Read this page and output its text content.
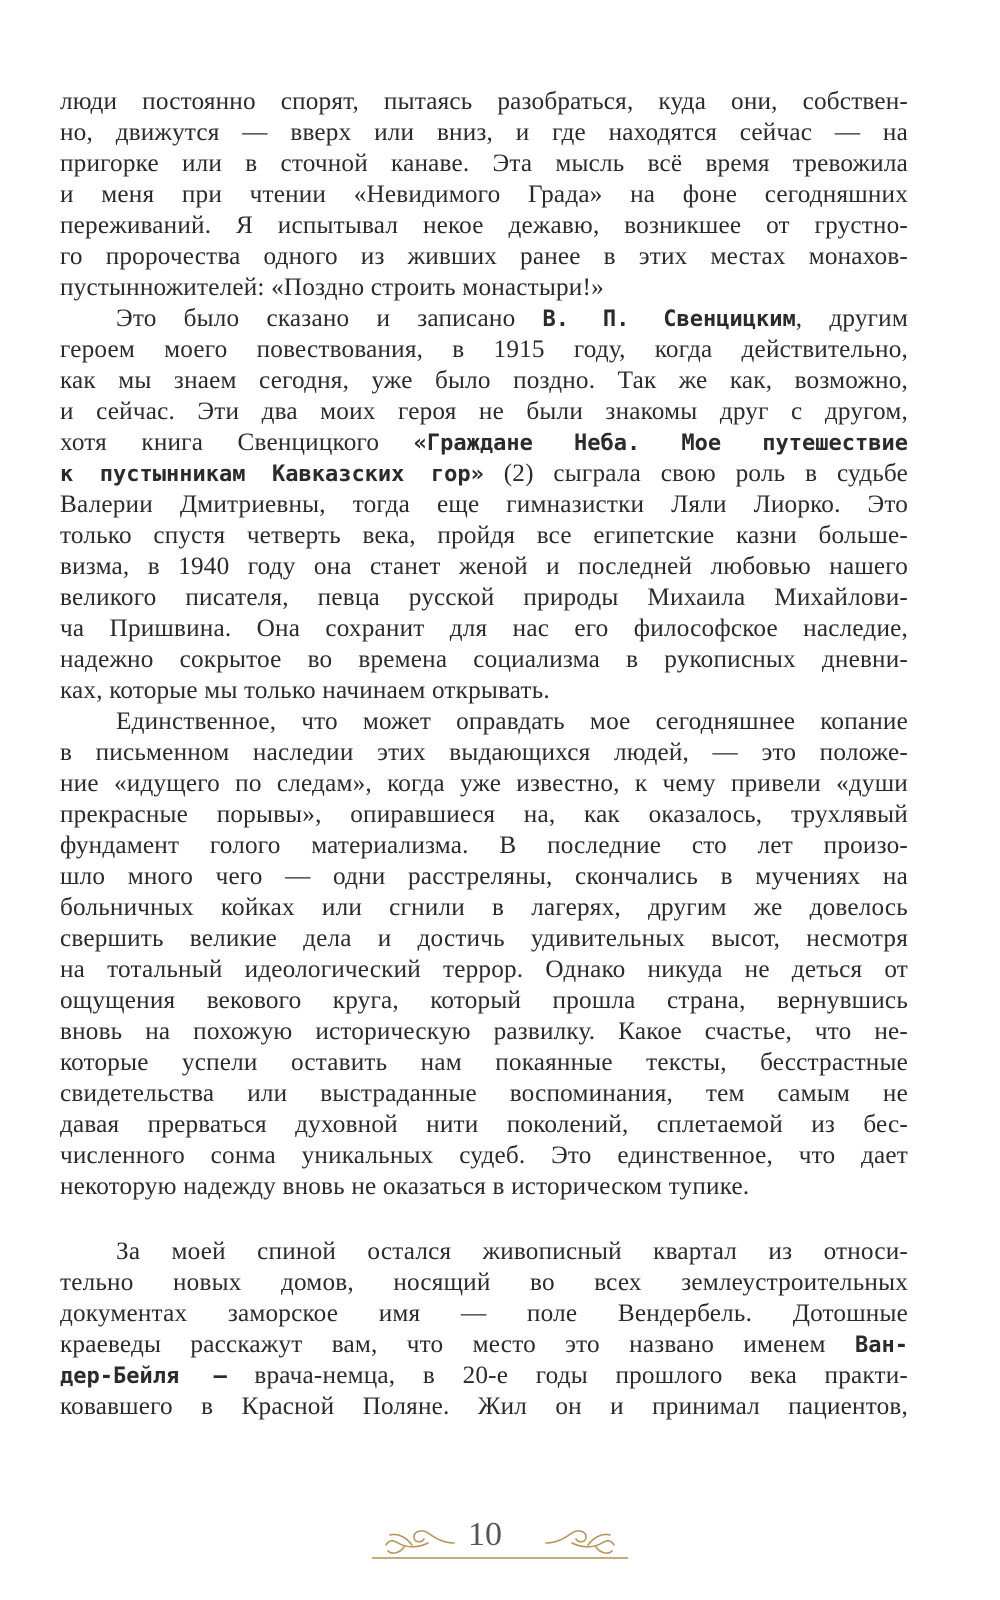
люди постоянно спорят, пытаясь разобраться, куда они, собствен-
но, движутся — вверх или вниз, и где находятся сейчас — на
пригорке или в сточной канаве. Эта мысль всё время тревожила
и меня при чтении «Невидимого Града» на фоне сегодняшних
переживаний. Я испытывал некое дежавю, возникшее от грустно-
го пророчества одного из живших ранее в этих местах монахов-
пустынножителей: «Поздно строить монастыри!»
Это было сказано и записано В. П. Свенцицким, другим
героем моего повествования, в 1915 году, когда действительно,
как мы знаем сегодня, уже было поздно. Так же как, возможно,
и сейчас. Эти два моих героя не были знакомы друг с другом,
хотя книга Свенцицкого «Граждане Неба. Мое путешествие
к пустынникам Кавказских гор» (2) сыграла свою роль в судьбе
Валерии Дмитриевны, тогда еще гимназистки Ляли Лиорко. Это
только спустя четверть века, пройдя все египетские казни больше-
визма, в 1940 году она станет женой и последней любовью нашего
великого писателя, певца русской природы Михаила Михайлови-
ча Пришвина. Она сохранит для нас его философское наследие,
надежно сокрытое во времена социализма в рукописных дневни-
ках, которые мы только начинаем открывать.
Единственное, что может оправдать мое сегодняшнее копание
в письменном наследии этих выдающихся людей, — это положе-
ние «идущего по следам», когда уже известно, к чему привели «души
прекрасные порывы», опиравшиеся на, как оказалось, трухлявый
фундамент голого материализма. В последние сто лет произо-
шло много чего — одни расстреляны, скончались в мучениях на
больничных койках или сгнили в лагерях, другим же довелось
свершить великие дела и достичь удивительных высот, несмотря
на тотальный идеологический террор. Однако никуда не деться от
ощущения векового круга, который прошла страна, вернувшись
вновь на похожую историческую развилку. Какое счастье, что не-
которые успели оставить нам покаянные тексты, бесстрастные
свидетельства или выстраданные воспоминания, тем самым не
давая прерваться духовной нити поколений, сплетаемой из бес-
численного сонма уникальных судеб. Это единственное, что дает
некоторую надежду вновь не оказаться в историческом тупике.
За моей спиной остался живописный квартал из относи-
тельно новых домов, носящий во всех землеустроительных
документах заморское имя — поле Вендербель. Дотошные
краеведы расскажут вам, что место это названо именем Ван-
дер-Бейля — врача-немца, в 20-е годы прошлого века практи-
ковавшего в Красной Поляне. Жил он и принимал пациентов,
10
